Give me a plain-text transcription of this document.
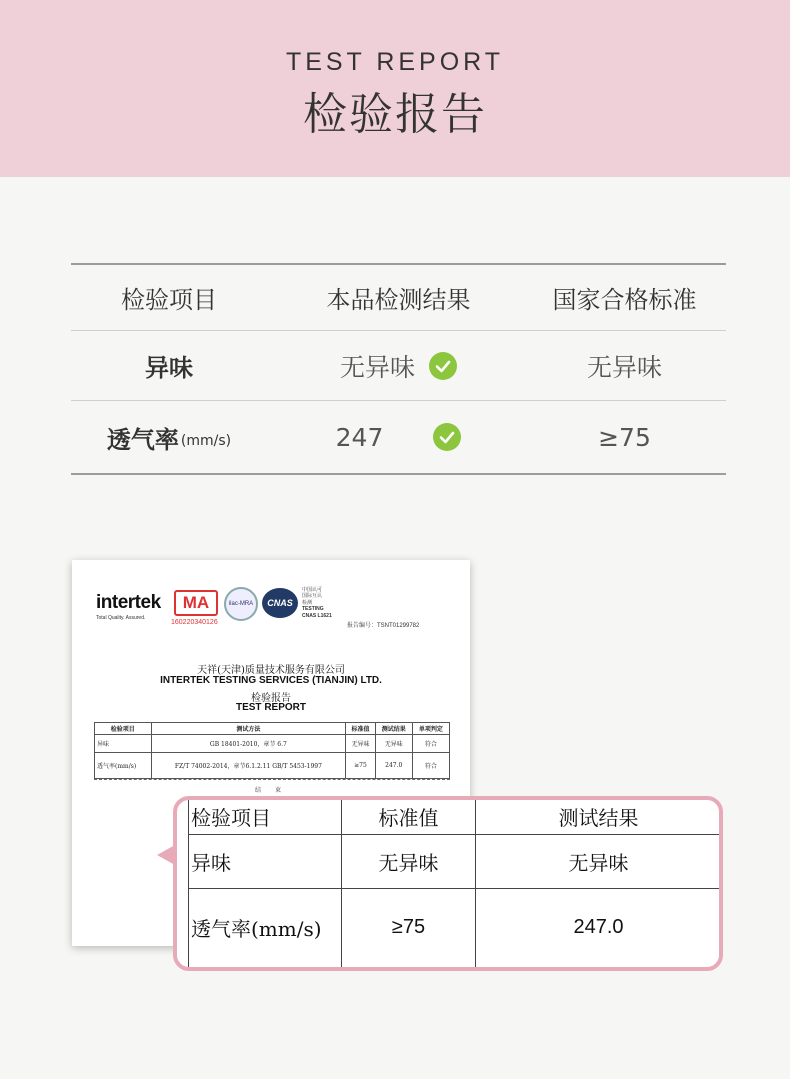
TEST REPORT
检验报告
检验项目	本品检测结果	国家合格标准
异味	无异味	无异味
透气率 (mm/s)	247	≥75
intertek
Total Quality. Assured.
MA
160220340126
ilac-MRA	CNAS
中国认可
国际互认
检测
TESTING
CNAS L1621
报告编号：TSNT01299782
天祥(天津)质量技术服务有限公司
INTERTEK TESTING SERVICES (TIANJIN) LTD.
检验报告
TEST REPORT
检验项目	测试方法	标准值	测试结果	单项判定
异味	GB 18401-2010，章节 6.7	无异味	无异味	符合
透气率(mm/s)	FZ/T 74002-2014，章节6.1.2.11 GB/T 5453-1997	≥75	247.0	符合
结 束
检验项目	标准值	测试结果
异味	无异味	无异味
透气率(mm/s)	≥75	247.0
